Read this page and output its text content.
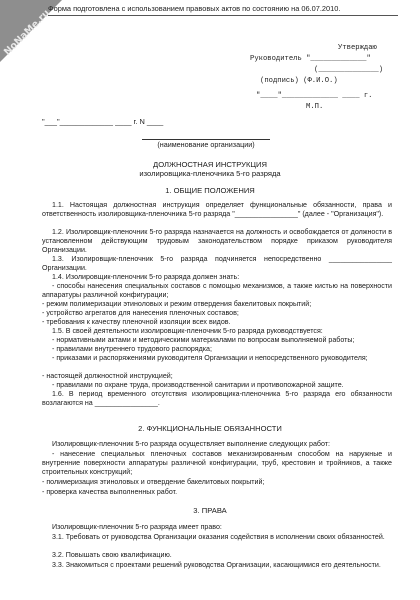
NoNaMe.ru
Форма подготовлена с использованием правовых актов по состоянию на 06.07.2010.
Утверждаю
Руководитель "_____________"
(______________)
(подпись) (Ф.И.О.)
"____"_____________ ____ г.
М.П.
"___"_____________ ____ г. N ____
(наименование организации)
ДОЛЖНОСТНАЯ ИНСТРУКЦИЯ
изолировщика-пленочника 5-го разряда
1. ОБЩИЕ ПОЛОЖЕНИЯ
1.1. Настоящая должностная инструкция определяет функциональные обязанности, права и ответственность изолировщика-пленочника 5-го разряда "________________" (далее - "Организация").
1.2. Изолировщик-пленочник 5-го разряда назначается на должность и освобождается от должности в установленном действующим трудовым законодательством порядке приказом руководителя Организации.
1.3. Изолировщик-пленочник 5-го разряда подчиняется непосредственно ________________ Организации.
1.4. Изолировщик-пленочник 5-го разряда должен знать:
- способы нанесения специальных составов с помощью механизмов, а также кистью на поверхности аппаратуры различной конфигурации;
- режим полимеризации этиноловых и режим отвердения бакелитовых покрытий;
- устройство агрегатов для нанесения пленочных составов;
- требования к качеству пленочной изоляции всех видов.
1.5. В своей деятельности изолировщик-пленочник 5-го разряда руководствуется:
- нормативными актами и методическими материалами по вопросам выполняемой работы;
- правилами внутреннего трудового распорядка;
- приказами и распоряжениями руководителя Организации и непосредственного руководителя;
- настоящей должностной инструкцией;
- правилами по охране труда, производственной санитарии и противопожарной защите.
1.6. В период временного отсутствия изолировщика-пленочника 5-го разряда его обязанности возлагаются на ________________.
2. ФУНКЦИОНАЛЬНЫЕ ОБЯЗАННОСТИ
Изолировщик-пленочник 5-го разряда осуществляет выполнение следующих работ:
- нанесение специальных пленочных составов механизированным способом на наружные и внутренние поверхности аппаратуры различной конфигурации, труб, крестовин и тройников, а также строительных конструкций;
- полимеризация этиноловых и отвердение бакелитовых покрытий;
- проверка качества выполненных работ.
3. ПРАВА
Изолировщик-пленочник 5-го разряда имеет право:
3.1. Требовать от руководства Организации оказания содействия в исполнении своих обязанностей.
3.2. Повышать свою квалификацию.
3.3. Знакомиться с проектами решений руководства Организации, касающимися его деятельности.
